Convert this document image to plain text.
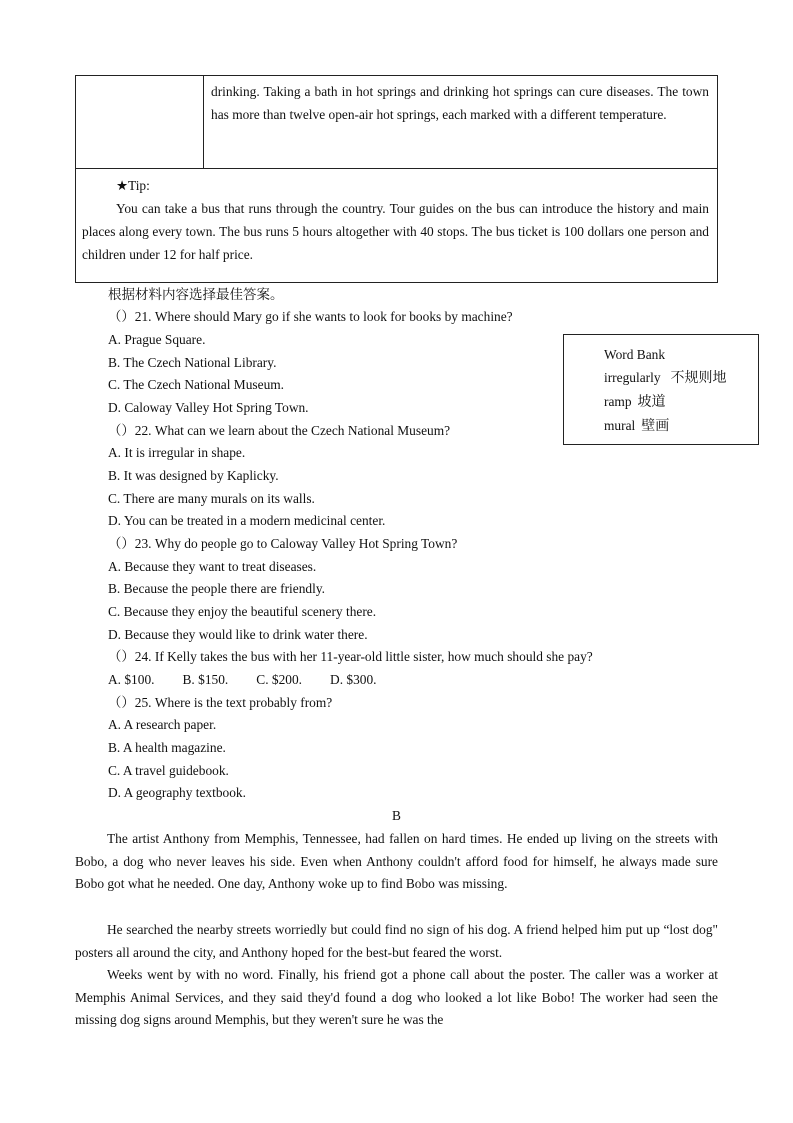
drinking. Taking a bath in hot springs and drinking hot springs can cure diseases. The town has more than twelve open-air hot springs, each marked with a different temperature.
★Tip:
You can take a bus that runs through the country. Tour guides on the bus can introduce the history and main places along every town. The bus runs 5 hours altogether with 40 stops. The bus ticket is 100 dollars one person and children under 12 for half price.
根据材料内容选择最佳答案。
（）21. Where should Mary go if she wants to look for books by machine?
A. Prague Square.
B. The Czech National Library.
C. The Czech National Museum.
D. Caloway Valley Hot Spring Town.
（）22. What can we learn about the Czech National Museum?
A. It is irregular in shape.
B. It was designed by Kaplicky.
C. There are many murals on its walls.
D. You can be treated in a modern medicinal center.
（）23. Why do people go to Caloway Valley Hot Spring Town?
A. Because they want to treat diseases.
B. Because the people there are friendly.
C. Because they enjoy the beautiful scenery there.
D. Because they would like to drink water there.
（）24. If Kelly takes the bus with her 11-year-old little sister, how much should she pay?
A. $100. B. $150. C. $200. D. $300.
（）25. Where is the text probably from?
A. A research paper.
B. A health magazine.
C. A travel guidebook.
D. A geography textbook.
Word Bank
irregularly 不规则地
ramp 坡道
mural 壁画
B
The artist Anthony from Memphis, Tennessee, had fallen on hard times. He ended up living on the streets with Bobo, a dog who never leaves his side. Even when Anthony couldn't afford food for himself, he always made sure Bobo got what he needed. One day, Anthony woke up to find Bobo was missing.
He searched the nearby streets worriedly but could find no sign of his dog. A friend helped him put up “lost dog" posters all around the city, and Anthony hoped for the best-but feared the worst.
Weeks went by with no word. Finally, his friend got a phone call about the poster. The caller was a worker at Memphis Animal Services, and they said they'd found a dog who looked a lot like Bobo! The worker had seen the missing dog signs around Memphis, but they weren't sure he was the
